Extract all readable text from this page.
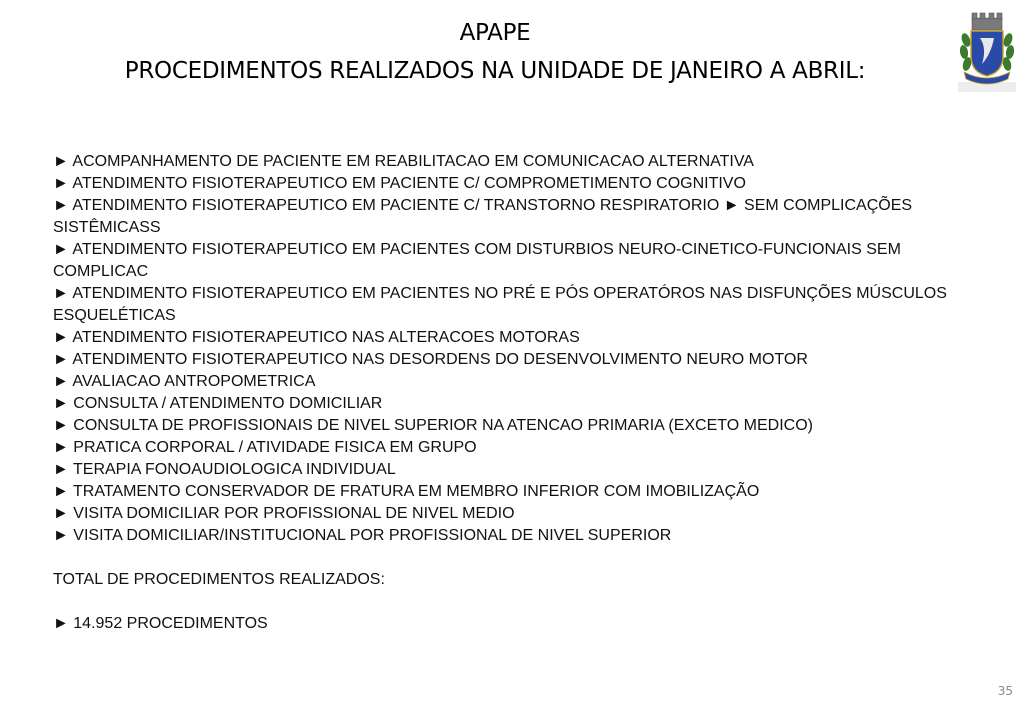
APAPE
PROCEDIMENTOS REALIZADOS NA UNIDADE DE JANEIRO A ABRIL:

► ACOMPANHAMENTO DE PACIENTE EM REABILITACAO EM COMUNICACAO ALTERNATIVA

► ATENDIMENTO FISIOTERAPEUTICO EM PACIENTE C/ COMPROMETIMENTO COGNITIVO

► ATENDIMENTO FISIOTERAPEUTICO EM PACIENTE C/ TRANSTORNO RESPIRATORIO ► SEM COMPLICAÇÕES SISTÊMICASS

► ATENDIMENTO FISIOTERAPEUTICO EM PACIENTES COM DISTURBIOS NEURO-CINETICO-FUNCIONAIS SEM COMPLICAC

► ATENDIMENTO FISIOTERAPEUTICO EM PACIENTES NO PRÉ E PÓS OPERATÓROS NAS DISFUNÇÕES MÚSCULOS ESQUELÉTICAS

► ATENDIMENTO FISIOTERAPEUTICO NAS ALTERACOES MOTORAS

► ATENDIMENTO FISIOTERAPEUTICO NAS DESORDENS DO DESENVOLVIMENTO NEURO MOTOR

► AVALIACAO ANTROPOMETRICA

► CONSULTA / ATENDIMENTO DOMICILIAR

► CONSULTA DE PROFISSIONAIS DE NIVEL SUPERIOR NA ATENCAO PRIMARIA (EXCETO MEDICO)

► PRATICA CORPORAL / ATIVIDADE FISICA EM GRUPO

► TERAPIA FONOAUDIOLOGICA INDIVIDUAL

► TRATAMENTO CONSERVADOR DE FRATURA EM MEMBRO INFERIOR COM IMOBILIZAÇÃO

► VISITA DOMICILIAR POR PROFISSIONAL DE NIVEL MEDIO

► VISITA DOMICILIAR/INSTITUCIONAL POR PROFISSIONAL DE NIVEL SUPERIOR

TOTAL DE PROCEDIMENTOS REALIZADOS:

► 14.952 PROCEDIMENTOS

35
